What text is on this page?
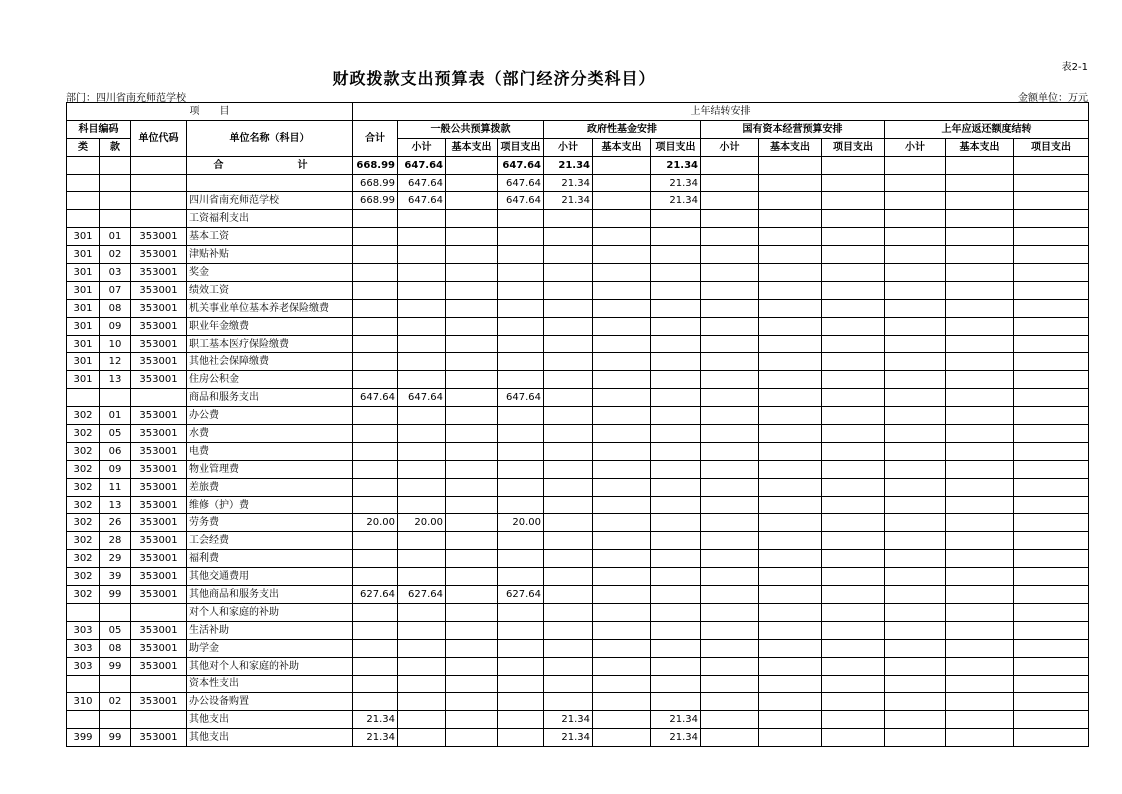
表2-1
财政拨款支出预算表（部门经济分类科目）
部门：四川省南充师范学校	金额单位：万元
项　　目				上年结转安排												
科目编码		单位代码	单位名称（科目）	合计	一般公共预算拨款			政府性基金安排			国有资本经营预算安排			上年应返还额度结转		
类	款				小计	基本支出	项目支出	小计	基本支出	项目支出	小计	基本支出	项目支出	小计	基本支出	项目支出
			合　　计	668.99	647.64		647.64	21.34		21.34						
				668.99	647.64		647.64	21.34		21.34						
			四川省南充师范学校	668.99	647.64		647.64	21.34		21.34						
			工资福利支出													
301	01	353001	基本工资													
301	02	353001	津贴补贴													
301	03	353001	奖金													
301	07	353001	绩效工资													
301	08	353001	机关事业单位基本养老保险缴费													
301	09	353001	职业年金缴费													
301	10	353001	职工基本医疗保险缴费													
301	12	353001	其他社会保障缴费													
301	13	353001	住房公积金													
			商品和服务支出	647.64	647.64		647.64									
302	01	353001	办公费													
302	05	353001	水费													
302	06	353001	电费													
302	09	353001	物业管理费													
302	11	353001	差旅费													
302	13	353001	维修（护）费													
302	26	353001	劳务费	20.00	20.00		20.00									
302	28	353001	工会经费													
302	29	353001	福利费													
302	39	353001	其他交通费用													
302	99	353001	其他商品和服务支出	627.64	627.64		627.64									
			对个人和家庭的补助													
303	05	353001	生活补助													
303	08	353001	助学金													
303	99	353001	其他对个人和家庭的补助													
			资本性支出													
310	02	353001	办公设备购置													
			其他支出	21.34				21.34		21.34						
399	99	353001	其他支出	21.34				21.34		21.34						
